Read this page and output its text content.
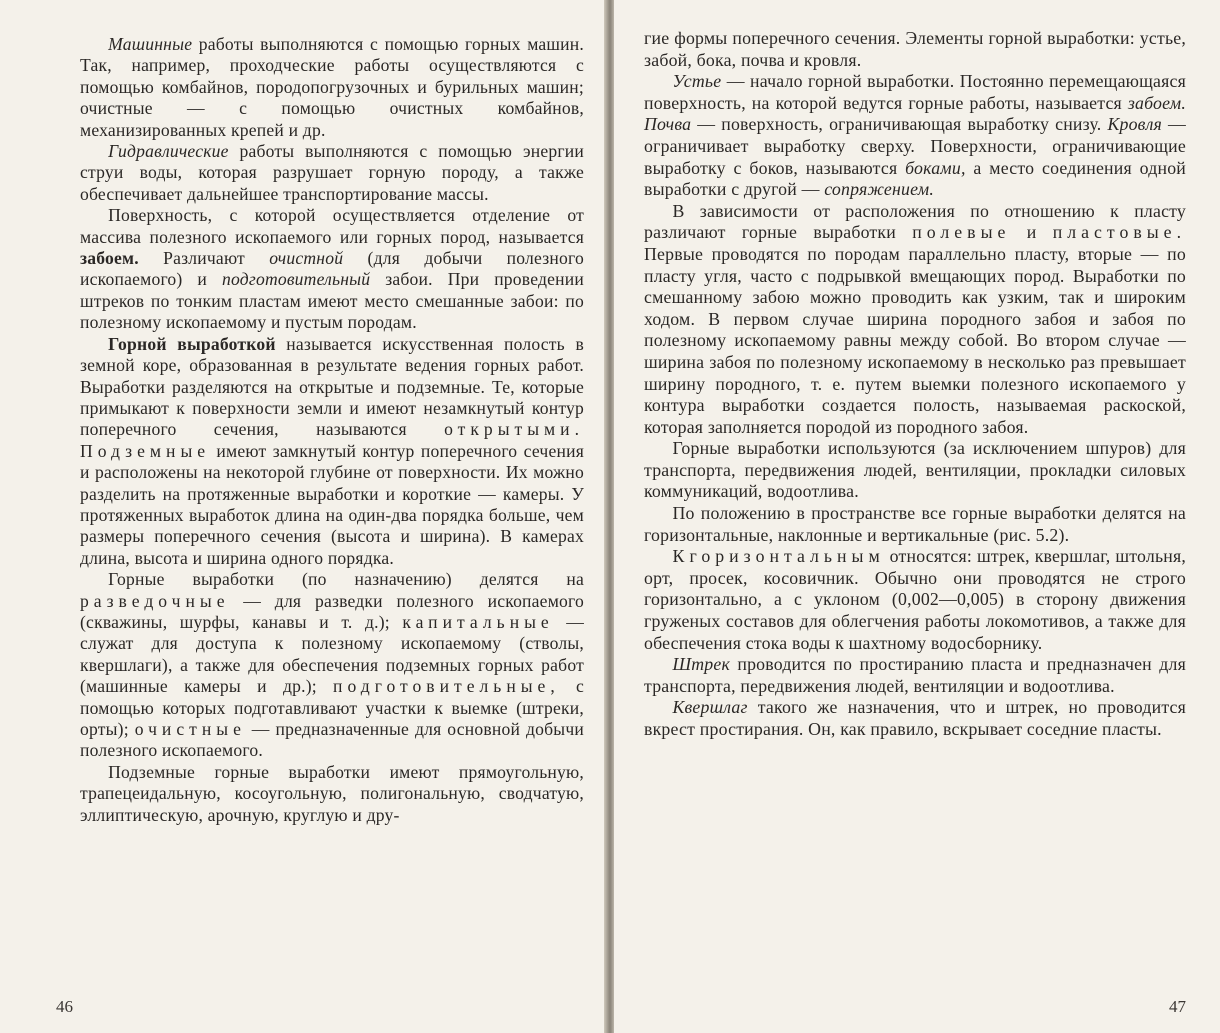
Машинные работы выполняются с помощью горных машин. Так, например, проходческие работы осуществляются с помощью комбайнов, породопогрузочных и бурильных машин; очистные — с помощью очистных комбайнов, механизированных крепей и др.

Гидравлические работы выполняются с помощью энергии струи воды, которая разрушает горную породу, а также обеспечивает дальнейшее транспортирование массы.

Поверхность, с которой осуществляется отделение от массива полезного ископаемого или горных пород, называется забоем. Различают очистной (для добычи полезного ископаемого) и подготовительный забои. При проведении штреков по тонким пластам имеют место смешанные забои: по полезному ископаемому и пустым породам.

Горной выработкой называется искусственная полость в земной коре, образованная в результате ведения горных работ. Выработки разделяются на открытые и подземные. Те, которые примыкают к поверхности земли и имеют незамкнутый контур поперечного сечения, называются открытыми. Подземные имеют замкнутый контур поперечного сечения и расположены на некоторой глубине от поверхности. Их можно разделить на протяженные выработки и короткие — камеры. У протяженных выработок длина на один-два порядка больше, чем размеры поперечного сечения (высота и ширина). В камерах длина, высота и ширина одного порядка.

Горные выработки (по назначению) делятся на разведочные — для разведки полезного ископаемого (скважины, шурфы, канавы и т. д.); капитальные — служат для доступа к полезному ископаемому (стволы, квершлаги), а также для обеспечения подземных горных работ (машинные камеры и др.); подготовительные, с помощью которых подготавливают участки к выемке (штреки, орты); очистные — предназначенные для основной добычи полезного ископаемого.

Подземные горные выработки имеют прямоугольную, трапецеидальную, косоугольную, полигональную, сводчатую, эллиптическую, арочную, круглую и дру-

46

гие формы поперечного сечения. Элементы горной выработки: устье, забой, бока, почва и кровля.

Устье — начало горной выработки. Постоянно перемещающаяся поверхность, на которой ведутся горные работы, называется забоем. Почва — поверхность, ограничивающая выработку снизу. Кровля — ограничивает выработку сверху. Поверхности, ограничивающие выработку с боков, называются боками, а место соединения одной выработки с другой — сопряжением.

В зависимости от расположения по отношению к пласту различают горные выработки полевые и пластовые. Первые проводятся по породам параллельно пласту, вторые — по пласту угля, часто с подрывкой вмещающих пород. Выработки по смешанному забою можно проводить как узким, так и широким ходом. В первом случае ширина породного забоя и забоя по полезному ископаемому равны между собой. Во втором случае — ширина забоя по полезному ископаемому в несколько раз превышает ширину породного, т. е. путем выемки полезного ископаемого у контура выработки создается полость, называемая раскоской, которая заполняется породой из породного забоя.

Горные выработки используются (за исключением шпуров) для транспорта, передвижения людей, вентиляции, прокладки силовых коммуникаций, водоотлива.

По положению в пространстве все горные выработки делятся на горизонтальные, наклонные и вертикальные (рис. 5.2).

К горизонтальным относятся: штрек, квершлаг, штольня, орт, просек, косовичник. Обычно они проводятся не строго горизонтально, а с уклоном (0,002—0,005) в сторону движения груженых составов для облегчения работы локомотивов, а также для обеспечения стока воды к шахтному водосборнику.

Штрек проводится по простиранию пласта и предназначен для транспорта, передвижения людей, вентиляции и водоотлива.

Квершлаг такого же назначения, что и штрек, но проводится вкрест простирания. Он, как правило, вскрывает соседние пласты.

47
